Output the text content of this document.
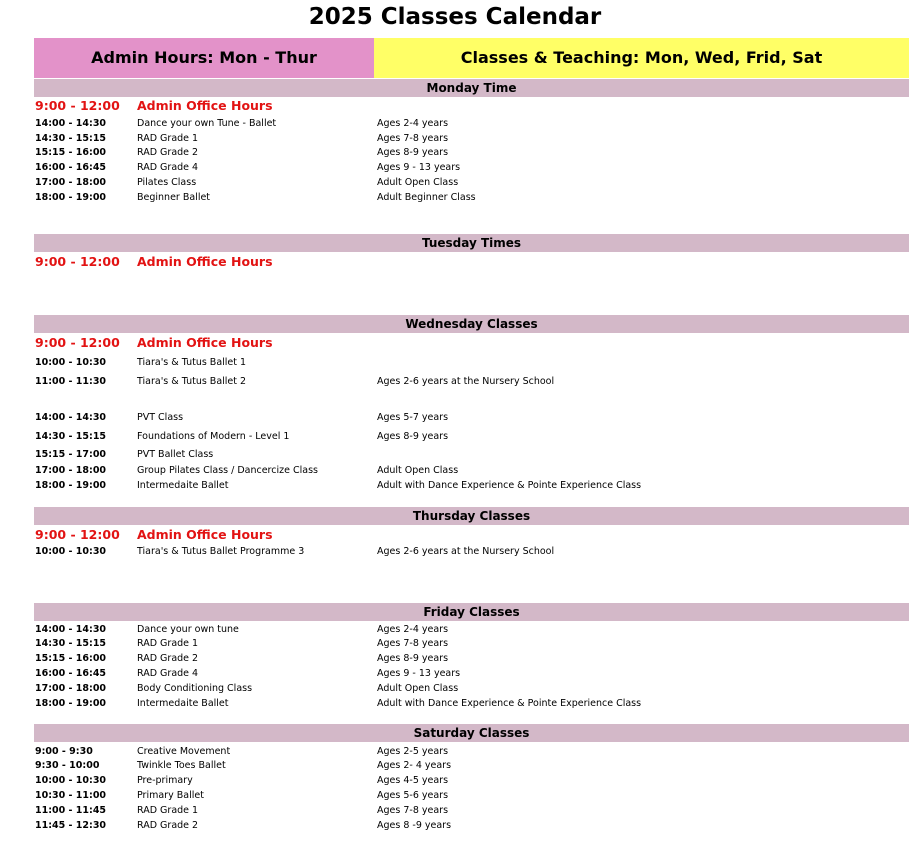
2025 Classes Calendar
Admin Hours: Mon - Thur	Classes & Teaching: Mon, Wed, Frid, Sat
Monday Time
9:00 - 12:00 Admin Office Hours
14:00 - 14:30	Dance your own Tune - Ballet	Ages 2-4 years
14:30 - 15:15	RAD Grade 1	Ages 7-8 years
15:15 - 16:00	RAD Grade 2	Ages 8-9 years
16:00 - 16:45	RAD Grade 4	Ages 9 - 13 years
17:00 - 18:00	Pilates Class	Adult Open Class
18:00 - 19:00	Beginner Ballet	Adult Beginner Class
Tuesday Times
9:00 - 12:00 Admin Office Hours
Wednesday Classes
9:00 - 12:00 Admin Office Hours
10:00 - 10:30	Tiara's & Tutus Ballet 1
11:00 - 11:30	Tiara's & Tutus Ballet 2	Ages 2-6 years at the Nursery School
14:00 - 14:30	PVT Class	Ages 5-7 years
14:30 - 15:15	Foundations of Modern - Level 1	Ages 8-9 years
15:15 - 17:00	PVT Ballet Class
17:00 - 18:00	Group Pilates Class / Dancercize Class	Adult Open Class
18:00 - 19:00	Intermedaite Ballet	Adult with Dance Experience & Pointe Experience Class
Thursday Classes
9:00 - 12:00 Admin Office Hours
10:00 - 10:30	Tiara's & Tutus Ballet Programme 3	Ages 2-6 years at the Nursery School
Friday Classes
14:00 - 14:30	Dance your own tune	Ages 2-4 years
14:30 - 15:15	RAD Grade 1	Ages 7-8 years
15:15 - 16:00	RAD Grade 2	Ages 8-9 years
16:00 - 16:45	RAD Grade 4	Ages 9 - 13 years
17:00 - 18:00	Body Conditioning Class	Adult Open Class
18:00 - 19:00	Intermedaite Ballet	Adult with Dance Experience & Pointe Experience Class
Saturday Classes
9:00 - 9:30	Creative Movement	Ages 2-5 years
9:30 - 10:00	Twinkle Toes Ballet	Ages 2- 4 years
10:00 - 10:30	Pre-primary	Ages 4-5 years
10:30 - 11:00	Primary Ballet	Ages 5-6 years
11:00 - 11:45	RAD Grade 1	Ages 7-8 years
11:45 - 12:30	RAD Grade 2	Ages 8 -9 years
